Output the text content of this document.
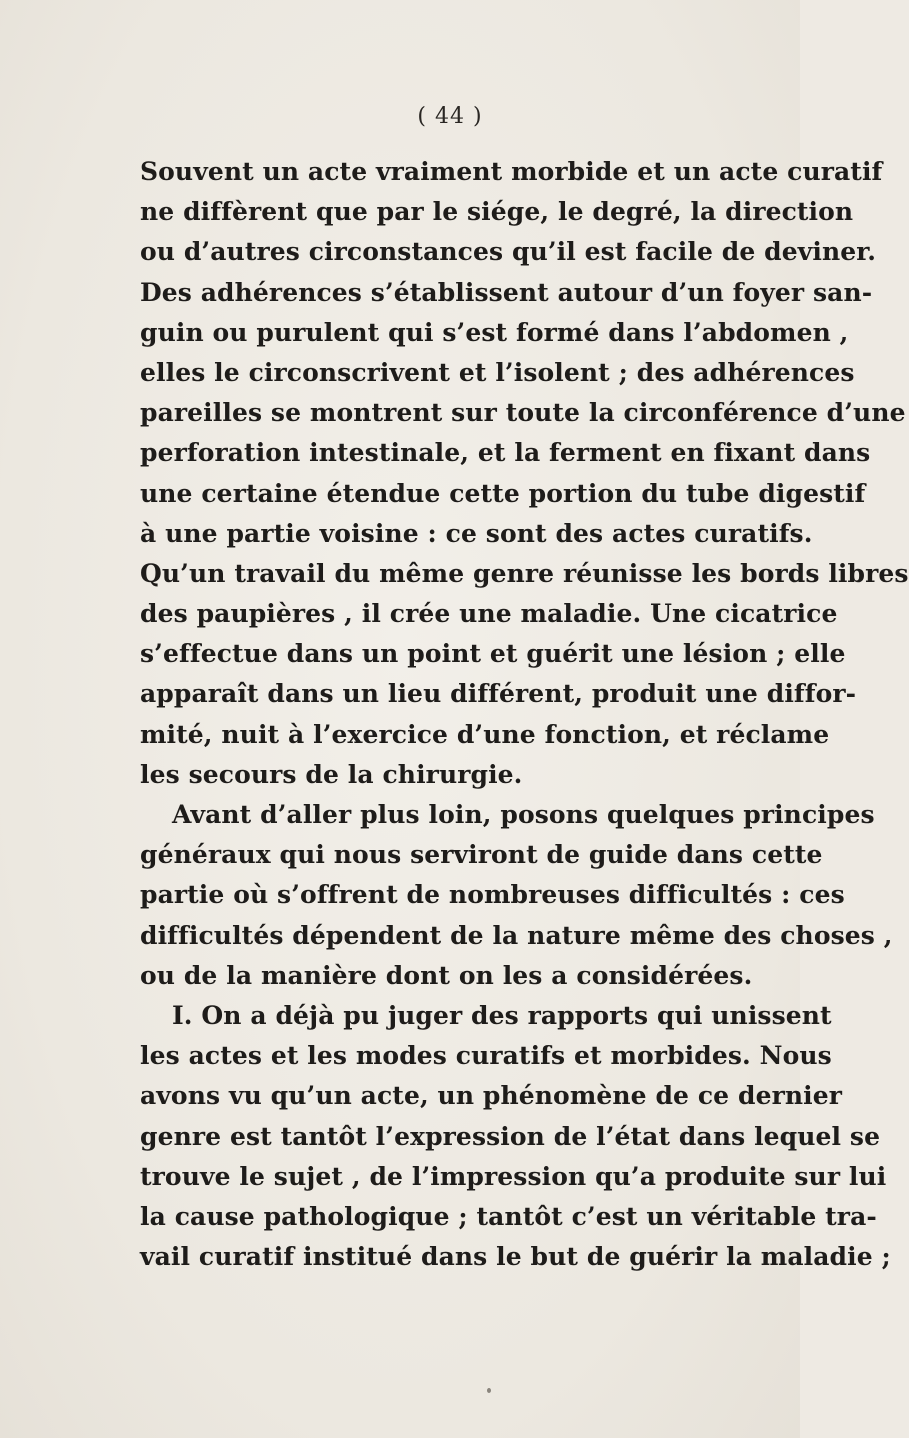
( 44 )
Souvent un acte vraiment morbide et un acte curatif
ne diffèrent que par le siége, le degré, la direction
ou d’autres circonstances qu’il est facile de deviner.
Des adhérences s’établissent autour d’un foyer san-
guin ou purulent qui s’est formé dans l’abdomen ,
elles le circonscrivent et l’isolent ; des adhérences
pareilles se montrent sur toute la circonférence d’une
perforation intestinale, et la ferment en fixant dans
une certaine étendue cette portion du tube digestif
à une partie voisine : ce sont des actes curatifs.
Qu’un travail du même genre réunisse les bords libres
des paupières , il crée une maladie. Une cicatrice
s’effectue dans un point et guérit une lésion ; elle
apparaît dans un lieu différent, produit une diffor-
mité, nuit à l’exercice d’une fonction, et réclame
les secours de la chirurgie.
Avant d’aller plus loin, posons quelques principes
généraux qui nous serviront de guide dans cette
partie où s’offrent de nombreuses difficultés : ces
difficultés dépendent de la nature même des choses ,
ou de la manière dont on les a considérées.
I. On a déjà pu juger des rapports qui unissent
les actes et les modes curatifs et morbides. Nous
avons vu qu’un acte, un phénomène de ce dernier
genre est tantôt l’expression de l’état dans lequel se
trouve le sujet , de l’impression qu’a produite sur lui
la cause pathologique ; tantôt c’est un véritable tra-
vail curatif institué dans le but de guérir la maladie ;
